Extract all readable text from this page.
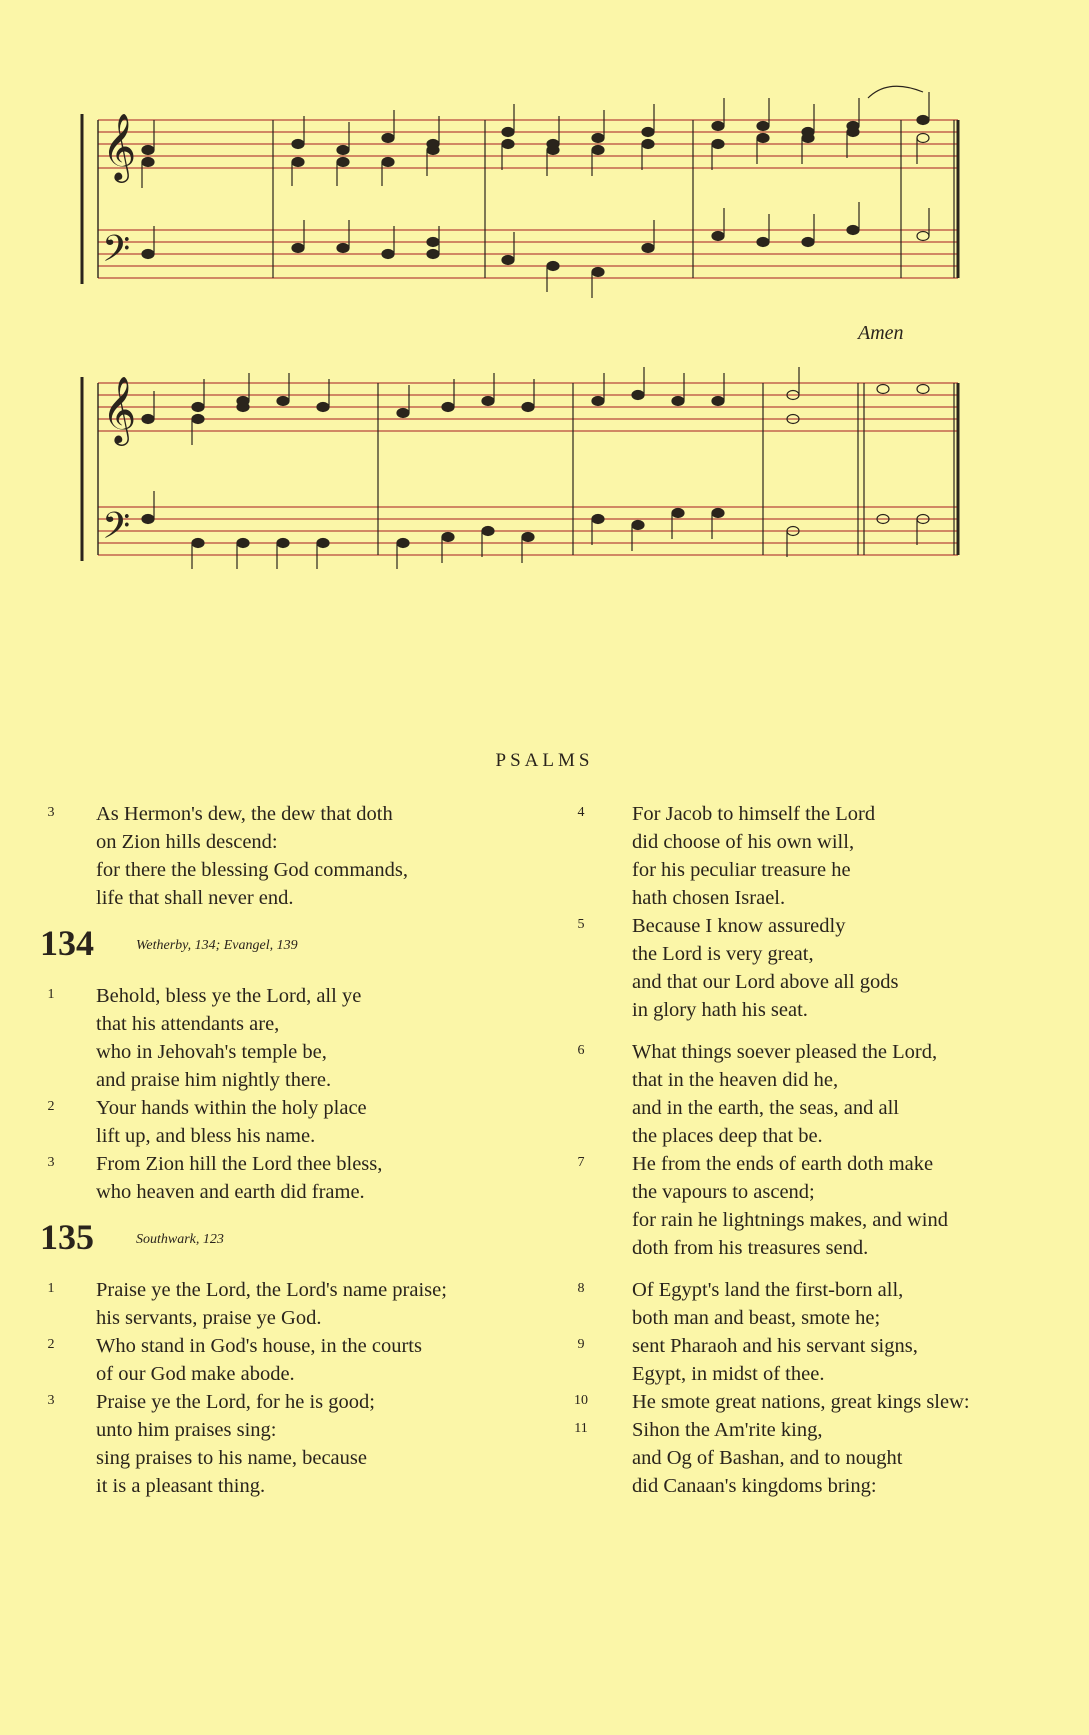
𝄞
𝄢
Amen
𝄞
𝄢
PSALMS
3	As Hermon's dew, the dew that doth
on Zion hills descend:
for there the blessing God commands,
life that shall never end.
134	Wetherby, 134; Evangel, 139
1	Behold, bless ye the Lord, all ye
that his attendants are,
who in Jehovah's temple be,
and praise him nightly there.
2	Your hands within the holy place
lift up, and bless his name.
3	From Zion hill the Lord thee bless,
who heaven and earth did frame.
135	Southwark, 123
1	Praise ye the Lord, the Lord's name praise;
his servants, praise ye God.
2	Who stand in God's house, in the courts
of our God make abode.
3	Praise ye the Lord, for he is good;
unto him praises sing:
sing praises to his name, because
it is a pleasant thing.
4	For Jacob to himself the Lord
did choose of his own will,
for his peculiar treasure he
hath chosen Israel.
5	Because I know assuredly
the Lord is very great,
and that our Lord above all gods
in glory hath his seat.
6	What things soever pleased the Lord,
that in the heaven did he,
and in the earth, the seas, and all
the places deep that be.
7	He from the ends of earth doth make
the vapours to ascend;
for rain he lightnings makes, and wind
doth from his treasures send.
8	Of Egypt's land the first-born all,
both man and beast, smote he;
9	sent Pharaoh and his servant signs,
Egypt, in midst of thee.
10 He smote great nations, great kings slew:
11 Sihon the Am'rite king,
and Og of Bashan, and to nought
did Canaan's kingdoms bring:
